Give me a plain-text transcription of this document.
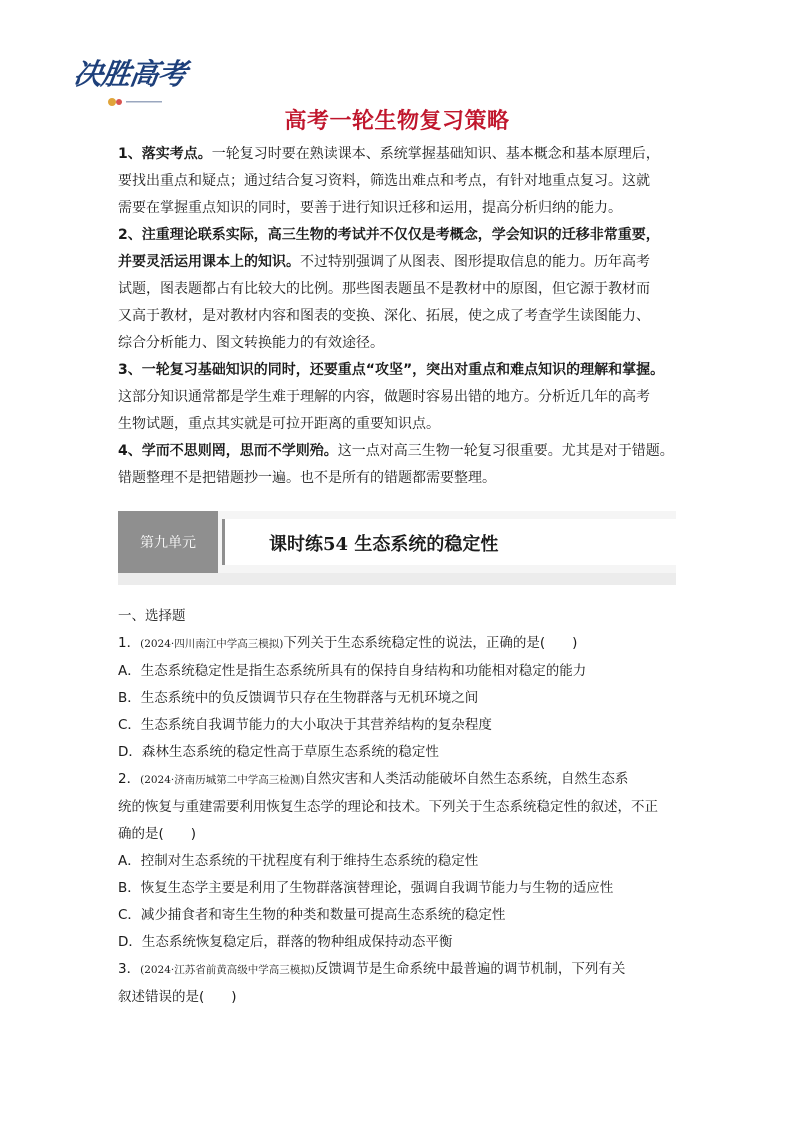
决胜高考
高考一轮生物复习策略

1、落实考点。一轮复习时要在熟读课本、系统掌握基础知识、基本概念和基本原理后，

要找出重点和疑点；通过结合复习资料，筛选出难点和考点，有针对地重点复习。这就

需要在掌握重点知识的同时，要善于进行知识迁移和运用，提高分析归纳的能力。

2、注重理论联系实际，高三生物的考试并不仅仅是考概念，学会知识的迁移非常重要，

并要灵活运用课本上的知识。不过特别强调了从图表、图形提取信息的能力。历年高考

试题，图表题都占有比较大的比例。那些图表题虽不是教材中的原图，但它源于教材而

又高于教材，是对教材内容和图表的变换、深化、拓展，使之成了考查学生读图能力、

综合分析能力、图文转换能力的有效途径。

3、一轮复习基础知识的同时，还要重点“攻坚”，突出对重点和难点知识的理解和掌握。

这部分知识通常都是学生难于理解的内容，做题时容易出错的地方。分析近几年的高考

生物试题，重点其实就是可拉开距离的重要知识点。

4、学而不思则罔，思而不学则殆。这一点对高三生物一轮复习很重要。尤其是对于错题。

错题整理不是把错题抄一遍。也不是所有的错题都需要整理。

第九单元	课时练54 生态系统的稳定性

一、选择题

1．(2024·四川南江中学高三模拟)下列关于生态系统稳定性的说法，正确的是(　　)

A．生态系统稳定性是指生态系统所具有的保持自身结构和功能相对稳定的能力

B．生态系统中的负反馈调节只存在生物群落与无机环境之间

C．生态系统自我调节能力的大小取决于其营养结构的复杂程度

D．森林生态系统的稳定性高于草原生态系统的稳定性

2．(2024·济南历城第二中学高三检测)自然灾害和人类活动能破坏自然生态系统，自然生态系

统的恢复与重建需要利用恢复生态学的理论和技术。下列关于生态系统稳定性的叙述，不正

确的是(　　)

A．控制对生态系统的干扰程度有利于维持生态系统的稳定性

B．恢复生态学主要是利用了生物群落演替理论，强调自我调节能力与生物的适应性

C．减少捕食者和寄生生物的种类和数量可提高生态系统的稳定性

D．生态系统恢复稳定后，群落的物种组成保持动态平衡

3．(2024·江苏省前黄高级中学高三模拟)反馈调节是生命系统中最普遍的调节机制，下列有关

叙述错误的是(　　)
